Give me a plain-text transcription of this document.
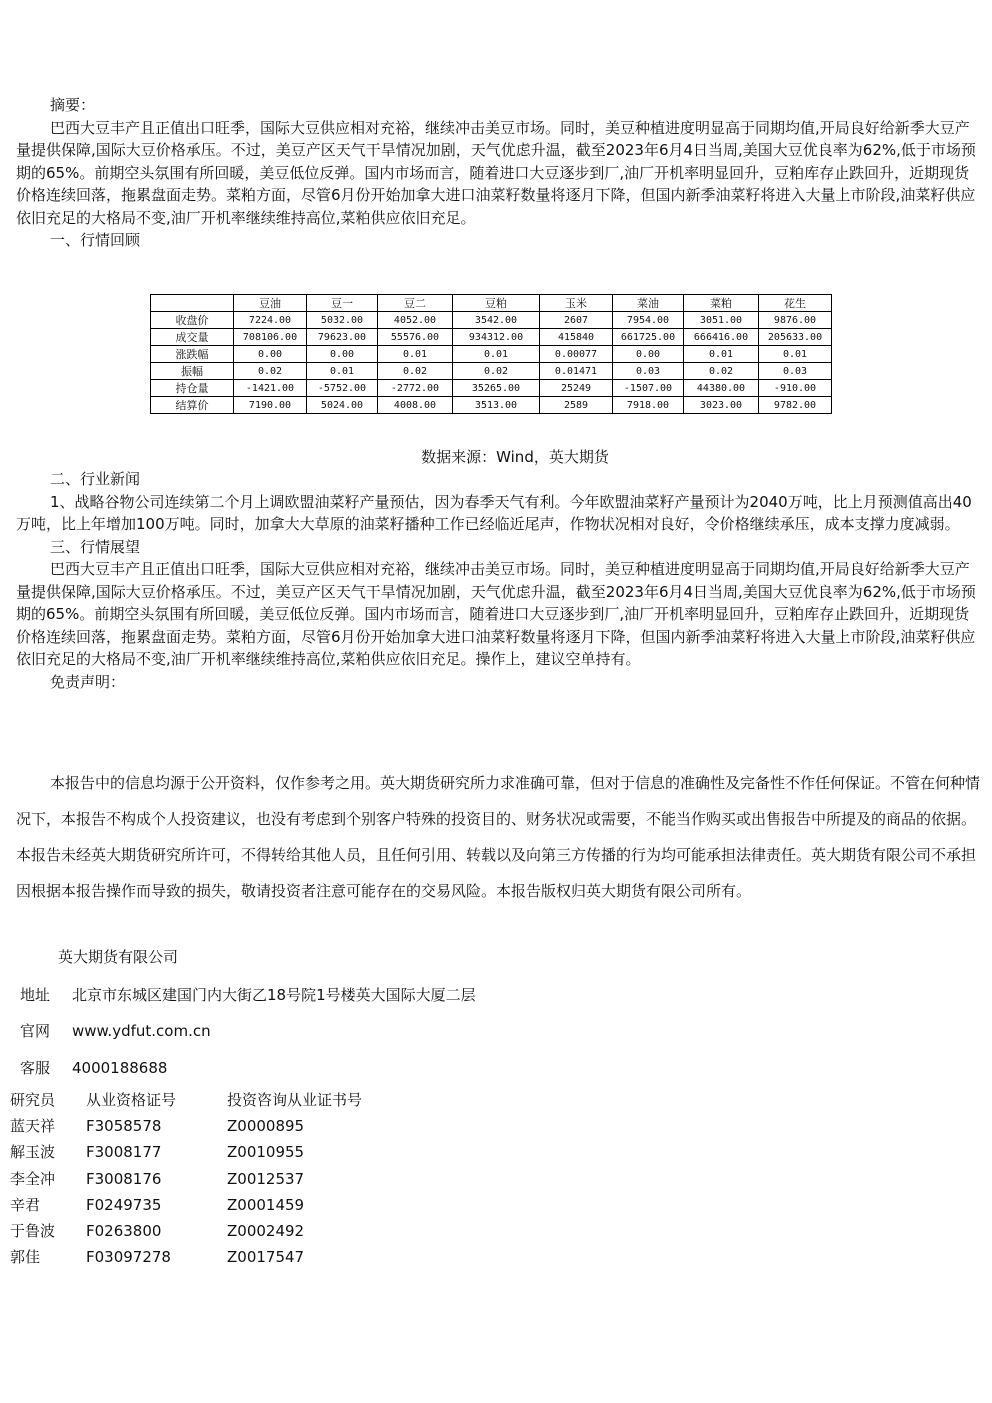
摘要：

巴西大豆丰产且正值出口旺季，国际大豆供应相对充裕，继续冲击美豆市场。同时，美豆种植进度明显高于同期均值,开局良好给新季大豆产量提供保障,国际大豆价格承压。不过，美豆产区天气干旱情况加剧，天气优虑升温，截至2023年6月4日当周,美国大豆优良率为62%,低于市场预期的65%。前期空头氛围有所回暖，美豆低位反弹。国内市场而言，随着进口大豆逐步到厂,油厂开机率明显回升，豆粕库存止跌回升，近期现货价格连续回落，拖累盘面走势。菜粕方面，尽管6月份开始加拿大进口油菜籽数量将逐月下降，但国内新季油菜籽将进入大量上市阶段,油菜籽供应依旧充足的大格局不变,油厂开机率继续维持高位,菜粕供应依旧充足。

一、行情回顾

	豆油	豆一	豆二	豆粕	玉米	菜油	菜粕	花生
收盘价	7224.00	5032.00	4052.00	3542.00	2607	7954.00	3051.00	9876.00
成交量	708106.00	79623.00	55576.00	934312.00	415840	661725.00	666416.00	205633.00
涨跌幅	0.00	0.00	0.01	0.01	0.00077	0.00	0.01	0.01
振幅	0.02	0.01	0.02	0.02	0.01471	0.03	0.02	0.03
持仓量	-1421.00	-5752.00	-2772.00	35265.00	25249	-1507.00	44380.00	-910.00
结算价	7190.00	5024.00	4008.00	3513.00	2589	7918.00	3023.00	9782.00
数据来源：Wind，英大期货

二、行业新闻

1、战略谷物公司连续第二个月上调欧盟油菜籽产量预估，因为春季天气有利。今年欧盟油菜籽产量预计为2040万吨，比上月预测值高出40万吨，比上年增加100万吨。同时，加拿大大草原的油菜籽播种工作已经临近尾声，作物状况相对良好，令价格继续承压，成本支撑力度减弱。

三、行情展望

巴西大豆丰产且正值出口旺季，国际大豆供应相对充裕，继续冲击美豆市场。同时，美豆种植进度明显高于同期均值,开局良好给新季大豆产量提供保障,国际大豆价格承压。不过，美豆产区天气干旱情况加剧，天气优虑升温，截至2023年6月4日当周,美国大豆优良率为62%,低于市场预期的65%。前期空头氛围有所回暖，美豆低位反弹。国内市场而言，随着进口大豆逐步到厂,油厂开机率明显回升，豆粕库存止跌回升，近期现货价格连续回落，拖累盘面走势。菜粕方面，尽管6月份开始加拿大进口油菜籽数量将逐月下降，但国内新季油菜籽将进入大量上市阶段,油菜籽供应依旧充足的大格局不变,油厂开机率继续维持高位,菜粕供应依旧充足。操作上，建议空单持有。

免责声明：

本报告中的信息均源于公开资料，仅作参考之用。英大期货研究所力求准确可靠，但对于信息的准确性及完备性不作任何保证。不管在何种情况下，本报告不构成个人投资建议，也没有考虑到个别客户特殊的投资目的、财务状况或需要，不能当作购买或出售报告中所提及的商品的依据。本报告未经英大期货研究所许可，不得转给其他人员，且任何引用、转载以及向第三方传播的行为均可能承担法律责任。英大期货有限公司不承担因根据本报告操作而导致的损失，敬请投资者注意可能存在的交易风险。本报告版权归英大期货有限公司所有。

英大期货有限公司
地址 北京市东城区建国门内大街乙18号院1号楼英大国际大厦二层
官网 www.ydfut.com.cn
客服 4000188688
研究员 从业资格证号	投资咨询从业证书号
蓝天祥 F3058578	Z0000895
解玉波 F3008177	Z0010955
李全冲 F3008176	Z0012537
辛君	F0249735	Z0001459
于鲁波 F0263800	Z0002492
郭佳	F03097278	Z0017547
